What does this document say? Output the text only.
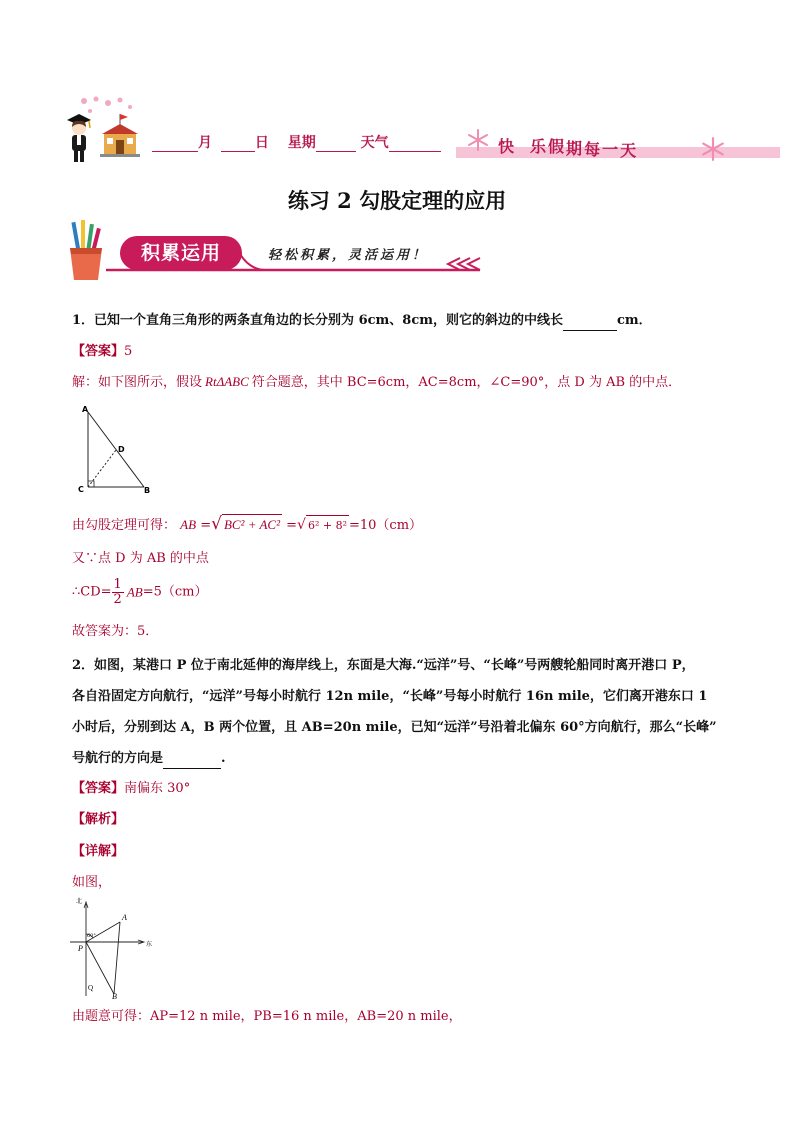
月	日 星期	天气	快 乐假期每一天
练习 2 勾股定理的应用
积累运用	轻松积累，灵活运用！
1．已知一个直角三角形的两条直角边的长分别为 6cm、8cm，则它的斜边的中线长	cm．
【答案】5
解：如下图所示，假设 RtΔABC 符合题意，其中 BC=6cm，AC=8cm，∠C=90°，点 D 为 AB 的中点．
A
D
C	B
由勾股定理可得： AB =√ BC² + AC² =√ 6² + 8² =10（cm）
又∵点 D 为 AB 的中点
∴CD= $\frac{1}{2} AB=5(cm)$
故答案为：5．
2．如图，某港口 P 位于南北延伸的海岸线上，东面是大海.“远洋”号、“长峰”号两艘轮船同时离开港口 P，
各自沿固定方向航行，“远洋”号每小时航行 12n mile，“长峰”号每小时航行 16n mile，它们离开港东口 1
小时后，分别到达 A，B 两个位置，且 AB=20n mile，已知“远洋”号沿着北偏东 60°方向航行，那么“长峰”
号航行的方向是	.
【答案】南偏东 30°
【解析】
【详解】
如图，
北
东
60°
P
A
Q
B
由题意可得：AP=12 n mile，PB=16 n mile，AB=20 n mile，
